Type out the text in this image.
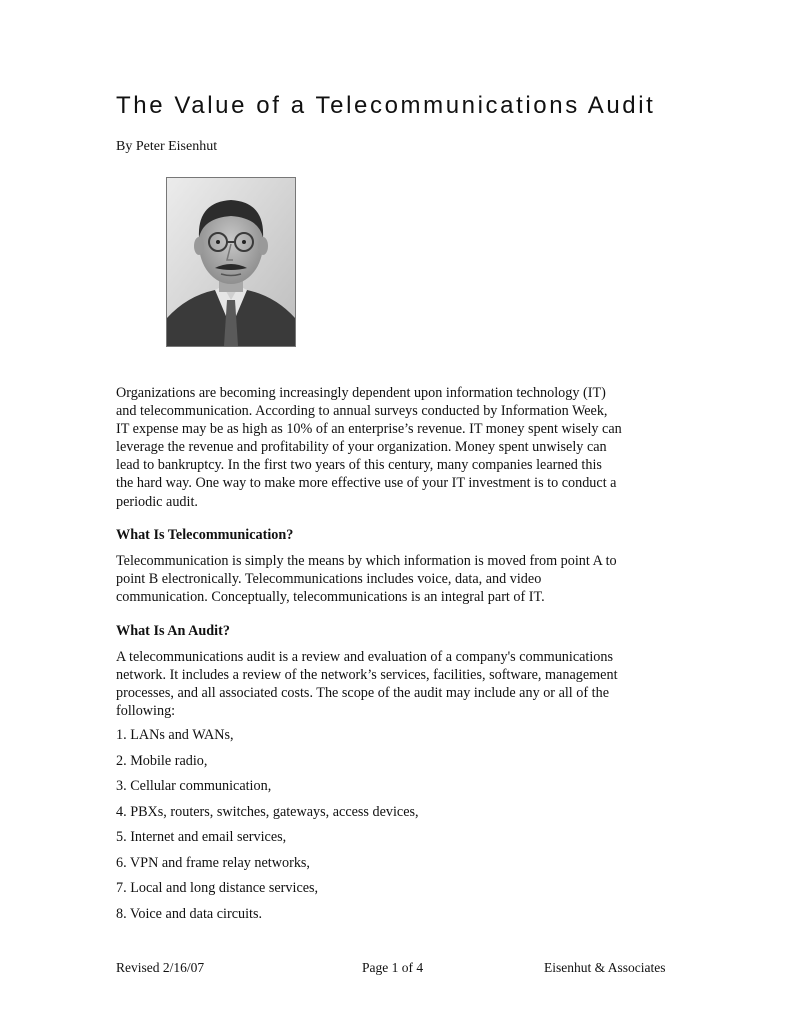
The Value of a Telecommunications Audit
By Peter Eisenhut
Organizations are becoming increasingly dependent upon information technology (IT)
and telecommunication. According to annual surveys conducted by Information Week,
IT expense may be as high as 10% of an enterprise’s revenue. IT money spent wisely can
leverage the revenue and profitability of your organization. Money spent unwisely can
lead to bankruptcy. In the first two years of this century, many companies learned this
the hard way. One way to make more effective use of your IT investment is to conduct a
periodic audit.
What Is Telecommunication?
Telecommunication is simply the means by which information is moved from point A to
point B electronically. Telecommunications includes voice, data, and video
communication. Conceptually, telecommunications is an integral part of IT.
What Is An Audit?
A telecommunications audit is a review and evaluation of a company's communications
network. It includes a review of the network’s services, facilities, software, management
processes, and all associated costs. The scope of the audit may include any or all of the
following:
1. LANs and WANs,
2. Mobile radio,
3. Cellular communication,
4. PBXs, routers, switches, gateways, access devices,
5. Internet and email services,
6. VPN and frame relay networks,
7. Local and long distance services,
8. Voice and data circuits.
Revised 2/16/07	Page 1 of 4	Eisenhut & Associates
